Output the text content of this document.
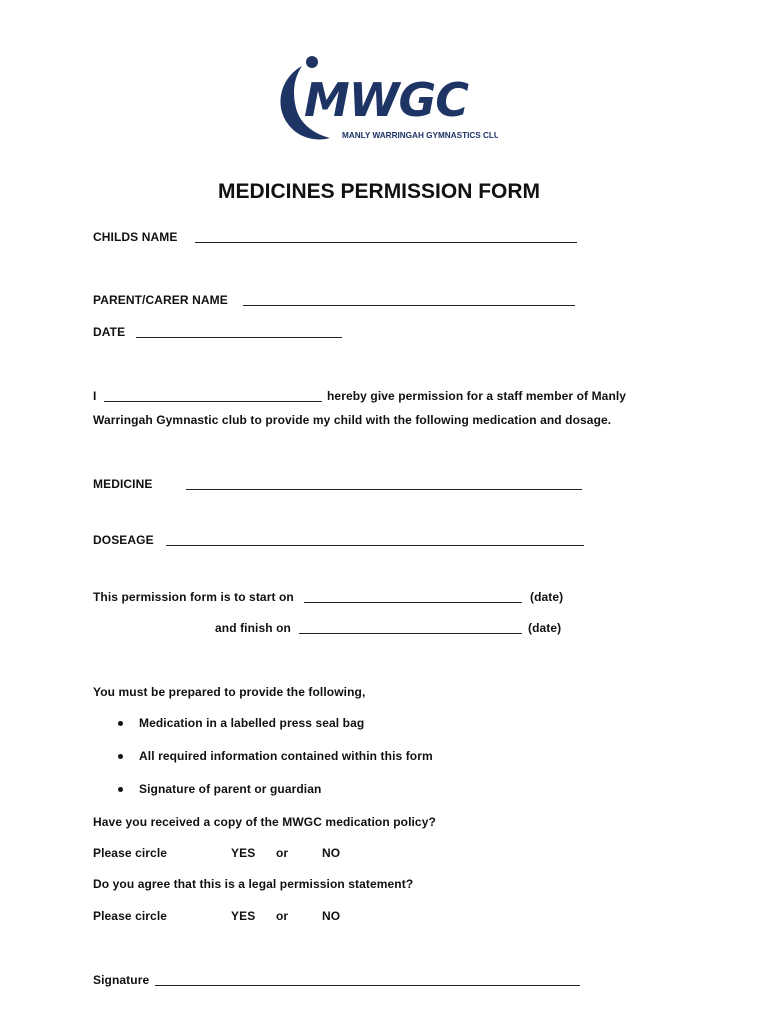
MWGC
MANLY WARRINGAH GYMNASTICS CLUB
MEDICINES PERMISSION FORM
CHILDS NAME
PARENT/CARER NAME
DATE
I	hereby give permission for a staff member of Manly
Warringah Gymnastic club to provide my child with the following medication and dosage.
MEDICINE
DOSEAGE
This permission form is to start on	(date)
and finish on	(date)
You must be prepared to provide the following,
Medication in a labelled press seal bag
All required information contained within this form
Signature of parent or guardian
Have you received a copy of the MWGC medication policy?
Please circle	YES or	NO
Do you agree that this is a legal permission statement?
Please circle	YES or	NO
Signature
